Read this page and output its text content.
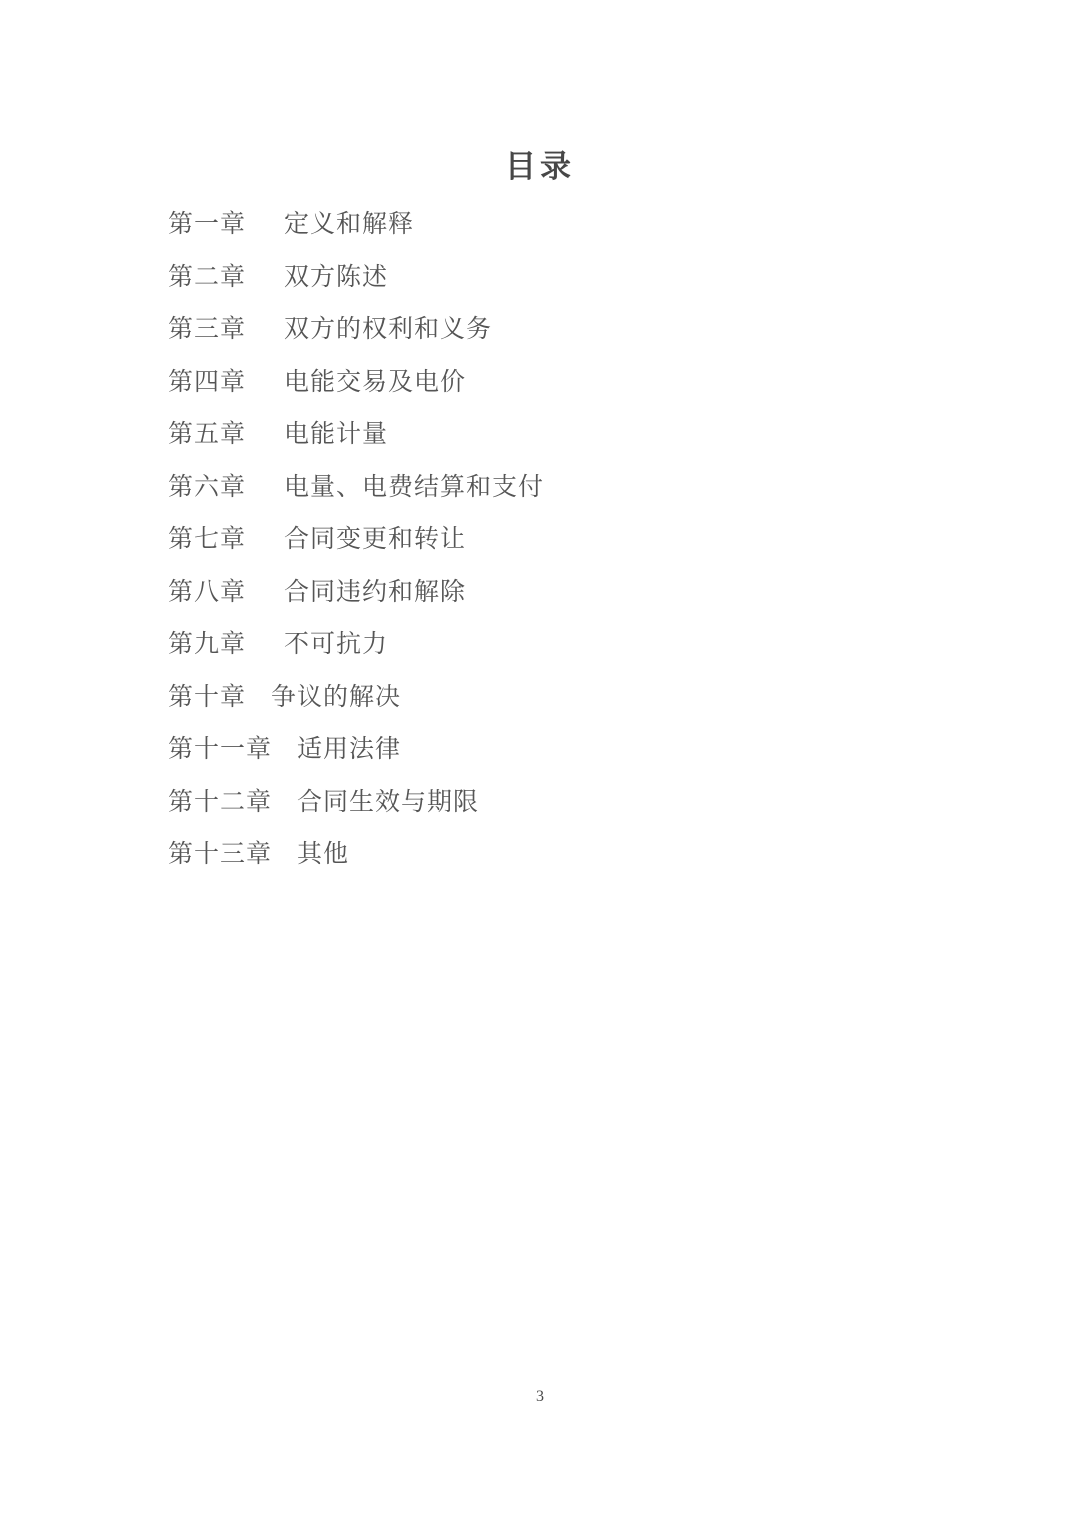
目录
第一章 定义和解释
第二章 双方陈述
第三章 双方的权利和义务
第四章 电能交易及电价
第五章 电能计量
第六章 电量、电费结算和支付
第七章 合同变更和转让
第八章 合同违约和解除
第九章 不可抗力
第十章 争议的解决
第十一章 适用法律
第十二章 合同生效与期限
第十三章 其他
3
